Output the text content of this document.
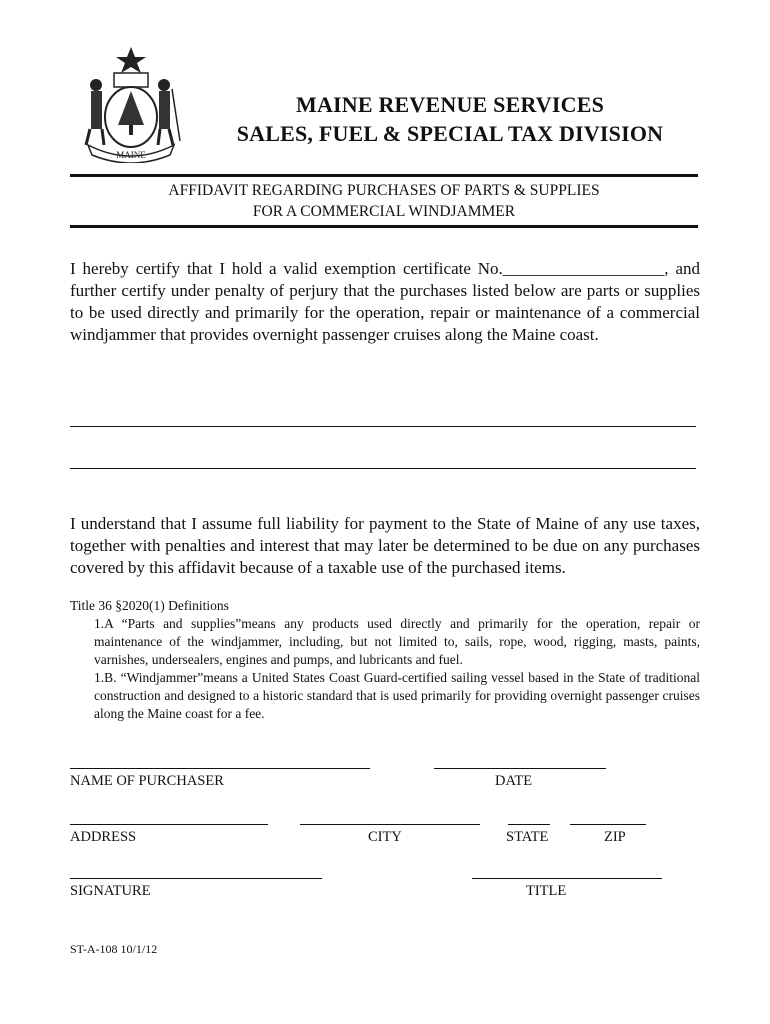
MAINE
MAINE REVENUE SERVICES
SALES, FUEL & SPECIAL TAX DIVISION
AFFIDAVIT REGARDING PURCHASES OF PARTS & SUPPLIES
FOR A COMMERCIAL WINDJAMMER
I hereby certify that I hold a valid exemption certificate No.___________________, and further certify under penalty of perjury that the purchases listed below are parts or supplies to be used directly and primarily for the operation, repair or maintenance of a commercial windjammer that provides overnight passenger cruises along the Maine coast.
I understand that I assume full liability for payment to the State of Maine of any use taxes, together with penalties and interest that may later be determined to be due on any purchases covered by this affidavit because of a taxable use of the purchased items.
Title 36 §2020(1) Definitions
1.A “Parts and supplies”means any products used directly and primarily for the operation, repair or maintenance of the windjammer, including, but not limited to, sails, rope, wood, rigging, masts, paints, varnishes, undersealers, engines and pumps, and lubricants and fuel.
1.B. “Windjammer”means a United States Coast Guard-certified sailing vessel based in the State of traditional construction and designed to a historic standard that is used primarily for providing overnight passenger cruises along the Maine coast for a fee.
NAME OF PURCHASER	DATE
ADDRESS	CITY	STATE	ZIP
SIGNATURE	TITLE
ST-A-108 10/1/12
